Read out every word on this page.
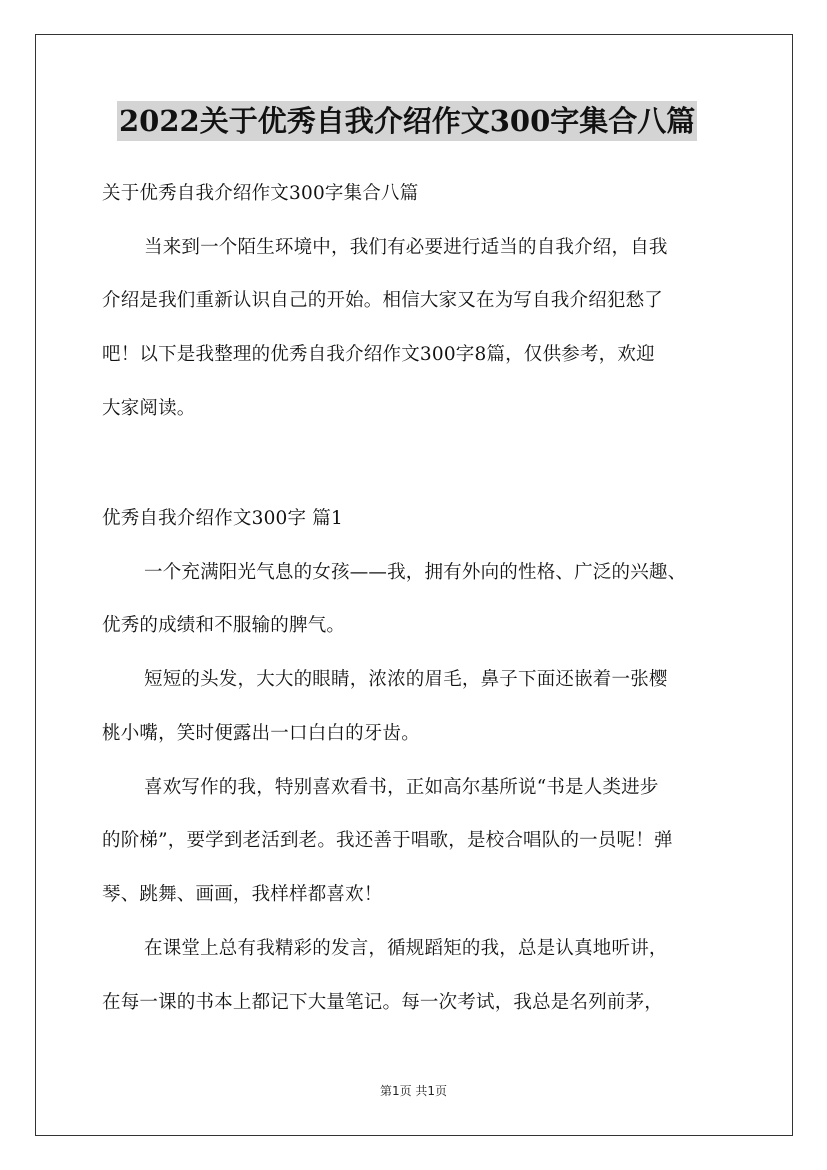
2022关于优秀自我介绍作文300字集合八篇
关于优秀自我介绍作文300字集合八篇
当来到一个陌生环境中，我们有必要进行适当的自我介绍，自我
介绍是我们重新认识自己的开始。相信大家又在为写自我介绍犯愁了
吧！以下是我整理的优秀自我介绍作文300字8篇，仅供参考，欢迎
大家阅读。
优秀自我介绍作文300字 篇1
一个充满阳光气息的女孩——我，拥有外向的性格、广泛的兴趣、
优秀的成绩和不服输的脾气。
短短的头发，大大的眼睛，浓浓的眉毛，鼻子下面还嵌着一张樱
桃小嘴，笑时便露出一口白白的牙齿。
喜欢写作的我，特别喜欢看书，正如高尔基所说“书是人类进步
的阶梯”，要学到老活到老。我还善于唱歌，是校合唱队的一员呢！弹
琴、跳舞、画画，我样样都喜欢！
在课堂上总有我精彩的发言，循规蹈矩的我，总是认真地听讲，
在每一课的书本上都记下大量笔记。每一次考试，我总是名列前茅，
第1页 共1页
